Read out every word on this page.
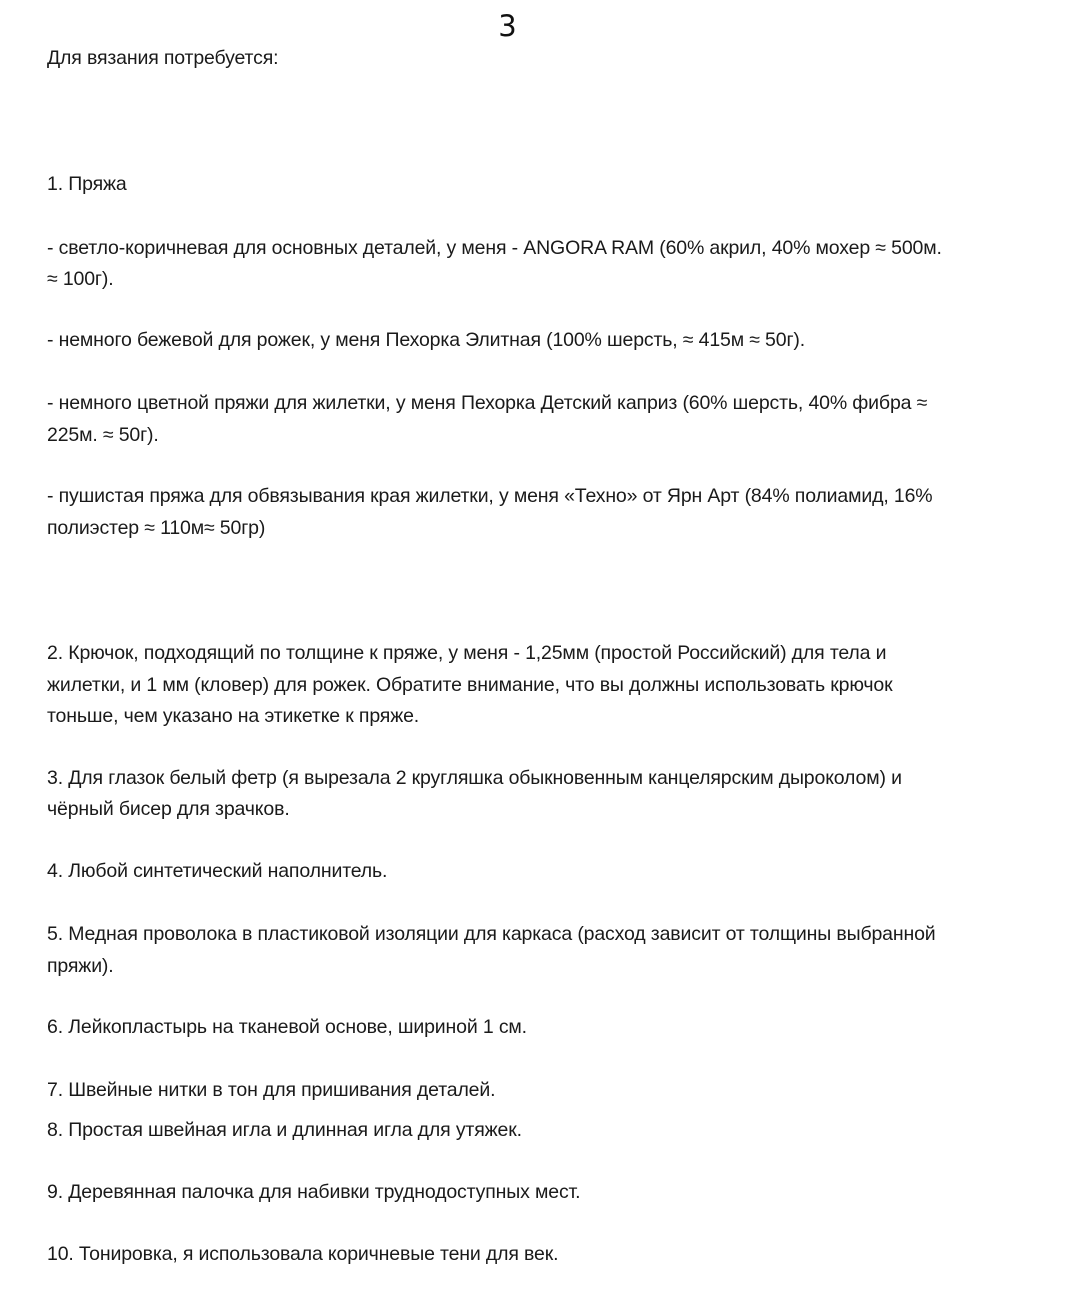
3
Для вязания потребуется:
1. Пряжа
- светло-коричневая для основных деталей, у меня - ANGORA RAM (60% акрил, 40% мохер ≈ 500м.
≈ 100г).
- немного бежевой для рожек, у меня Пехорка Элитная (100% шерсть, ≈ 415м ≈ 50г).
- немного цветной пряжи для жилетки, у меня Пехорка Детский каприз (60% шерсть, 40% фибра ≈
225м. ≈ 50г).
- пушистая пряжа для обвязывания края жилетки, у меня «Техно» от Ярн Арт (84% полиамид, 16%
полиэстер ≈ 110м≈ 50гр)
2. Крючок, подходящий по толщине к пряже, у меня - 1,25мм (простой Российский) для тела и
жилетки, и 1 мм (кловер) для рожек. Обратите внимание, что вы должны использовать крючок
тоньше, чем указано на этикетке к пряже.
3. Для глазок белый фетр (я вырезала 2 кругляшка обыкновенным канцелярским дыроколом) и
чёрный бисер для зрачков.
4. Любой синтетический наполнитель.
5. Медная проволока в пластиковой изоляции для каркаса (расход зависит от толщины выбранной
пряжи).
6. Лейкопластырь на тканевой основе, шириной 1 см.
7. Швейные нитки в тон для пришивания деталей.
8. Простая швейная игла и длинная игла для утяжек.
9. Деревянная палочка для набивки труднодоступных мест.
10. Тонировка, я использовала коричневые тени для век.
